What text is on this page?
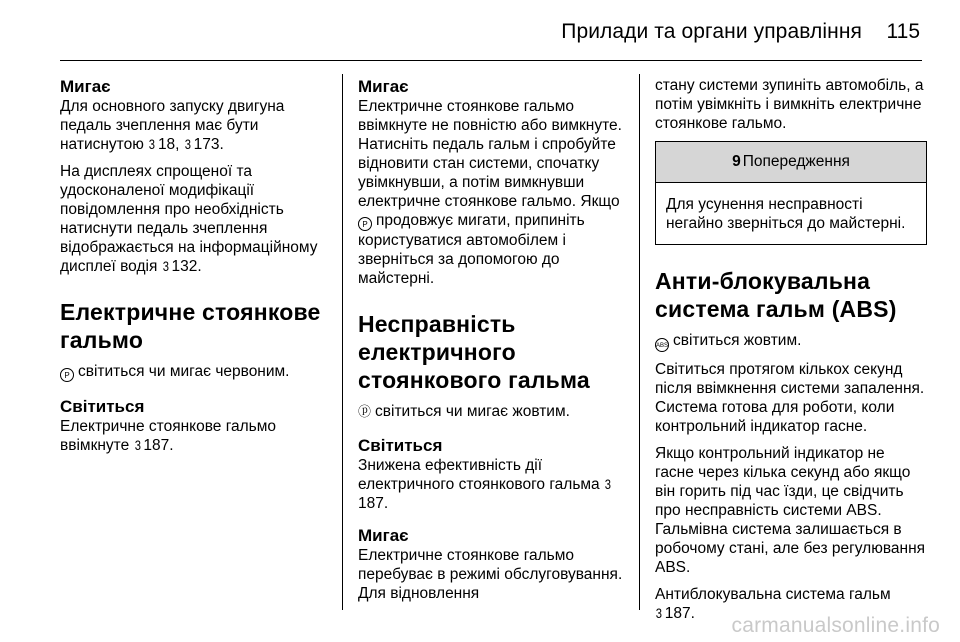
Прилади та органи управління 115

Мигає

Для основного запуску двигуна педаль зчеплення має бути натиснутою 3 18, 3 173.

На дисплеях спрощеної та удосконаленої модифікації повідомлення про необхідність натиснути педаль зчеплення відображається на інформаційному дисплеї водія 3 132.

Електричне стоянкове гальмо

P світиться чи мигає червоним.

Світиться

Електричне стоянкове гальмо ввімкнуте 3 187.

Мигає

Електричне стоянкове гальмо ввімкнуте не повністю або вимкнуте. Натисніть педаль гальм і спробуйте відновити стан системи, спочатку увімкнувши, а потім вимкнувши електричне стоянкове гальмо. Якщо P продовжує мигати, припиніть користуватися автомобілем і зверніться за допомогою до майстерні.

Несправність електричного стоянкового гальма

ⓟ світиться чи мигає жовтим.

Світиться

Знижена ефективність дії електричного стоянкового гальма 3187.

Мигає

Електричне стоянкове гальмо перебуває в режимі обслуговування. Для відновлення

стану системи зупиніть автомобіль, а потім увімкніть і вимкніть електричне стоянкове гальмо.

9 Попередження
Для усунення несправності негайно зверніться до майстерні.
Анти-блокувальна система гальм (ABS)

ABS світиться жовтим.

Світиться протягом кількох секунд після ввімкнення системи запалення. Система готова для роботи, коли контрольний індикатор гасне.

Якщо контрольний індикатор не гасне через кілька секунд або якщо він горить під час їзди, це свідчить про несправність системи ABS. Гальмівна система залишається в робочому стані, але без регулювання ABS.

Антиблокувальна система гальм
3 187.

carmanualsonline.info
